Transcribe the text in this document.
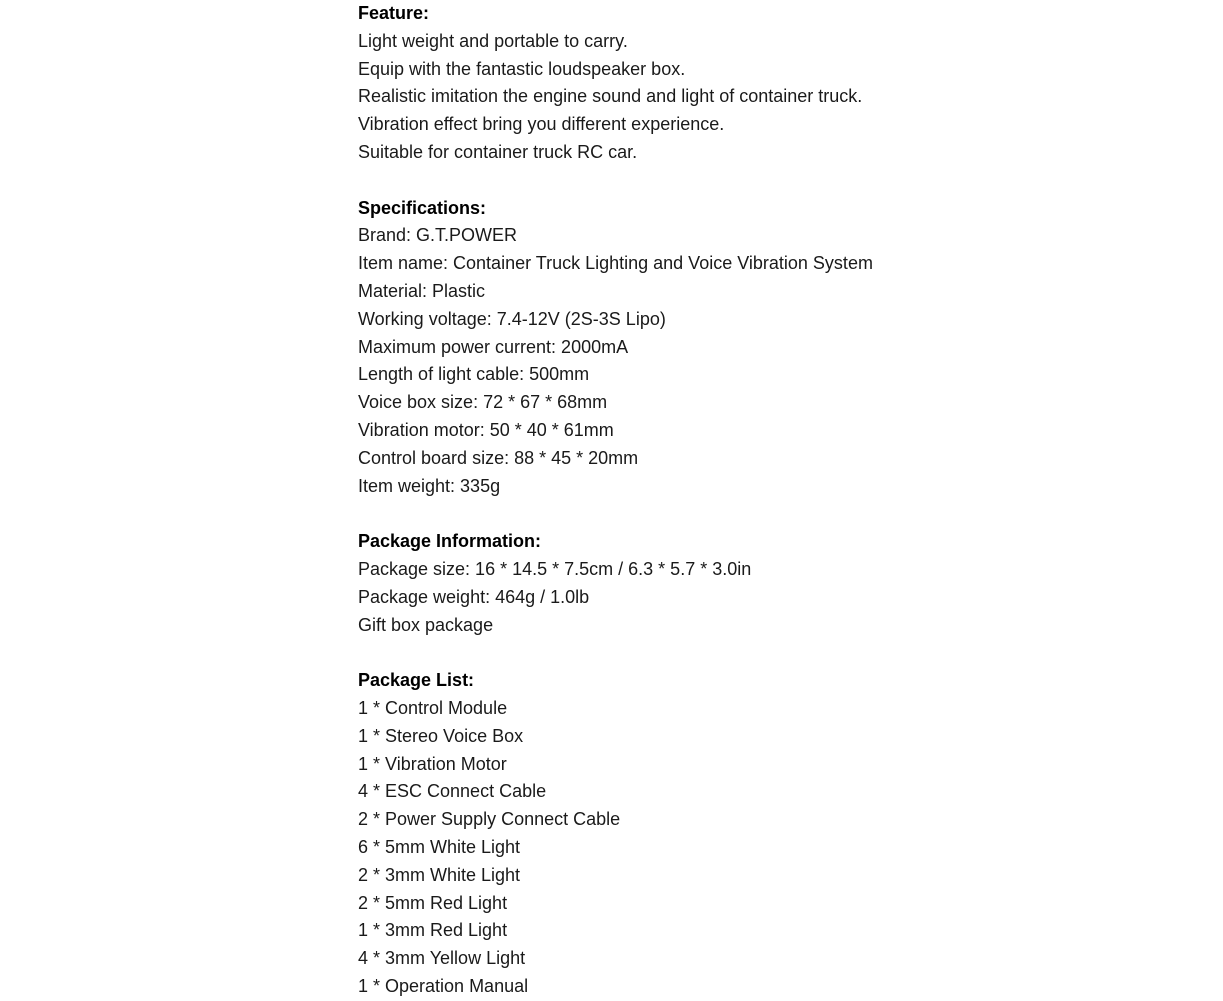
Feature:
Light weight and portable to carry.
Equip with the fantastic loudspeaker box.
Realistic imitation the engine sound and light of container truck.
Vibration effect bring you different experience.
Suitable for container truck RC car.
Specifications:
Brand: G.T.POWER
Item name: Container Truck Lighting and Voice Vibration System
Material: Plastic
Working voltage: 7.4-12V (2S-3S Lipo)
Maximum power current: 2000mA
Length of light cable: 500mm
Voice box size: 72 * 67 * 68mm
Vibration motor: 50 * 40 * 61mm
Control board size: 88 * 45 * 20mm
Item weight: 335g
Package Information:
Package size: 16 * 14.5 * 7.5cm / 6.3 * 5.7 * 3.0in
Package weight: 464g / 1.0lb
Gift box package
Package List:
1 * Control Module
1 * Stereo Voice Box
1 * Vibration Motor
4 * ESC Connect Cable
2 * Power Supply Connect Cable
6 * 5mm White Light
2 * 3mm White Light
2 * 5mm Red Light
1 * 3mm Red Light
4 * 3mm Yellow Light
1 * Operation Manual
